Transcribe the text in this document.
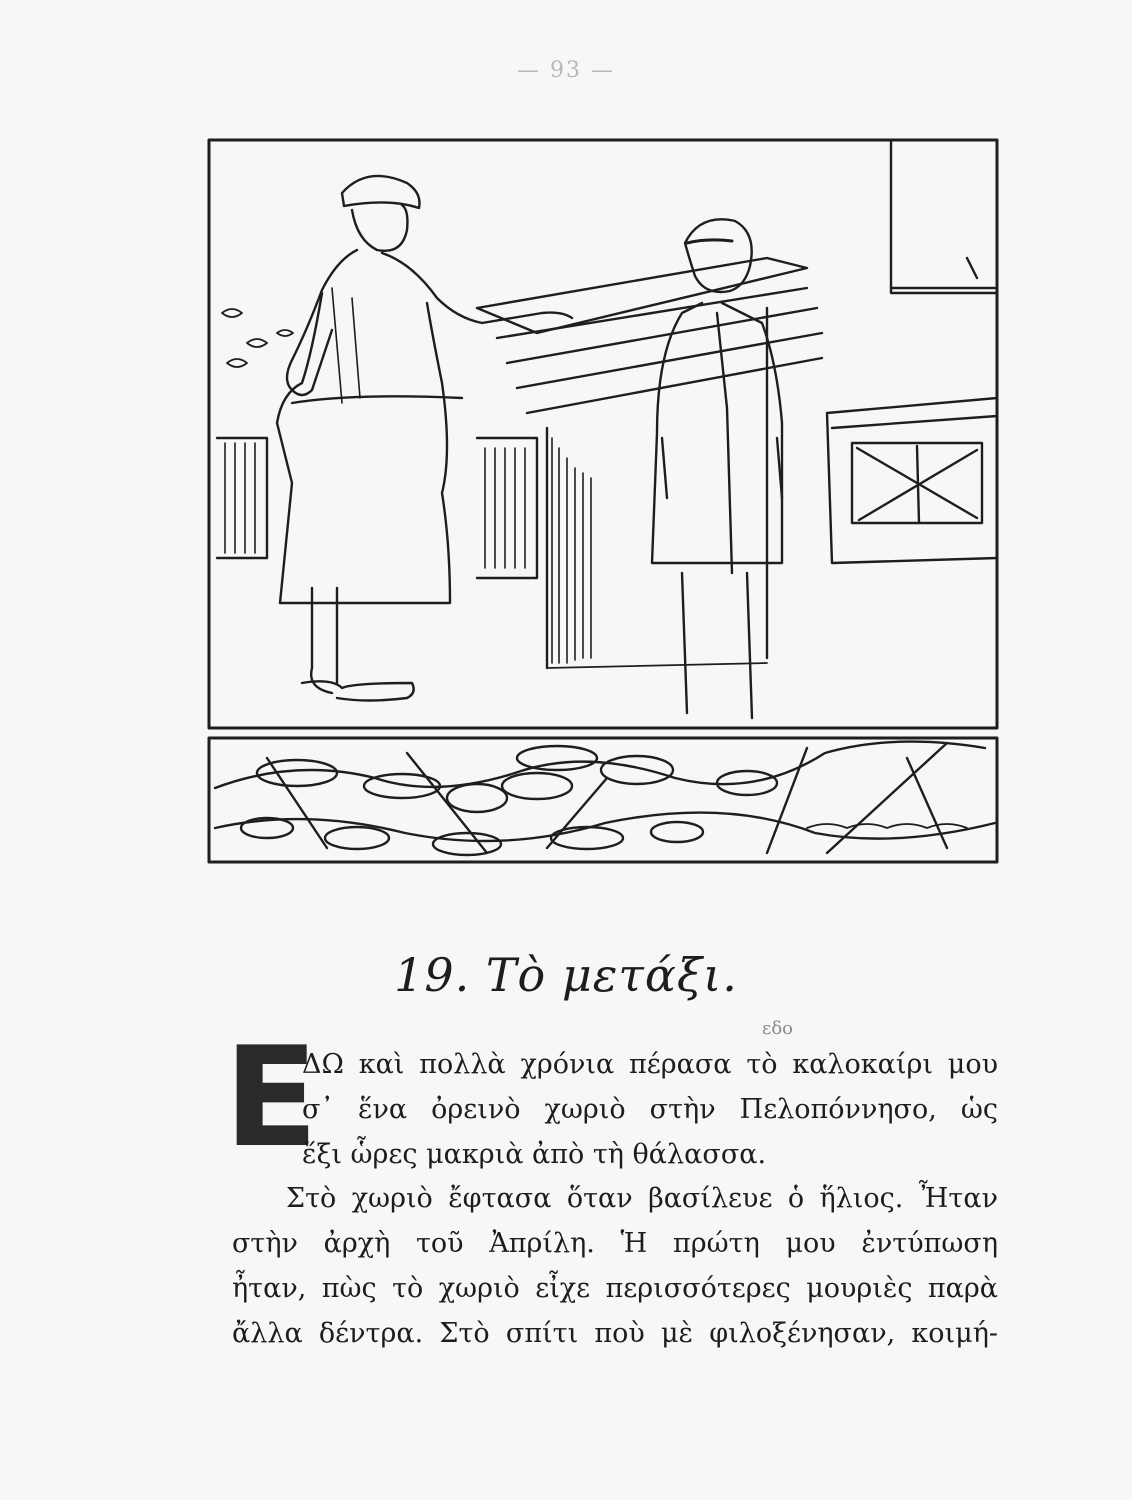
— 93 —
19. Τὸ μετάξι.
εδο
Ε
ΔΩ καὶ πολλὰ χρόνια πέρασα τὸ καλοκαίρι μου
σ᾽ ἕνα ὀρεινὸ χωριὸ στὴν Πελοπόννησο, ὡς
ἕξι ὧρες μακριὰ ἀπὸ τὴ θάλασσα.
Στὸ χωριὸ ἔφτασα ὅταν βασίλευε ὁ ἥλιος. Ἦταν
στὴν ἀρχὴ τοῦ Ἀπρίλη. Ἡ πρώτη μου ἐντύπωση
ἦταν, πὼς τὸ χωριὸ εἶχε περισσότερες μουριὲς παρὰ
ἄλλα δέντρα. Στὸ σπίτι ποὺ μὲ φιλοξένησαν, κοιμή-
